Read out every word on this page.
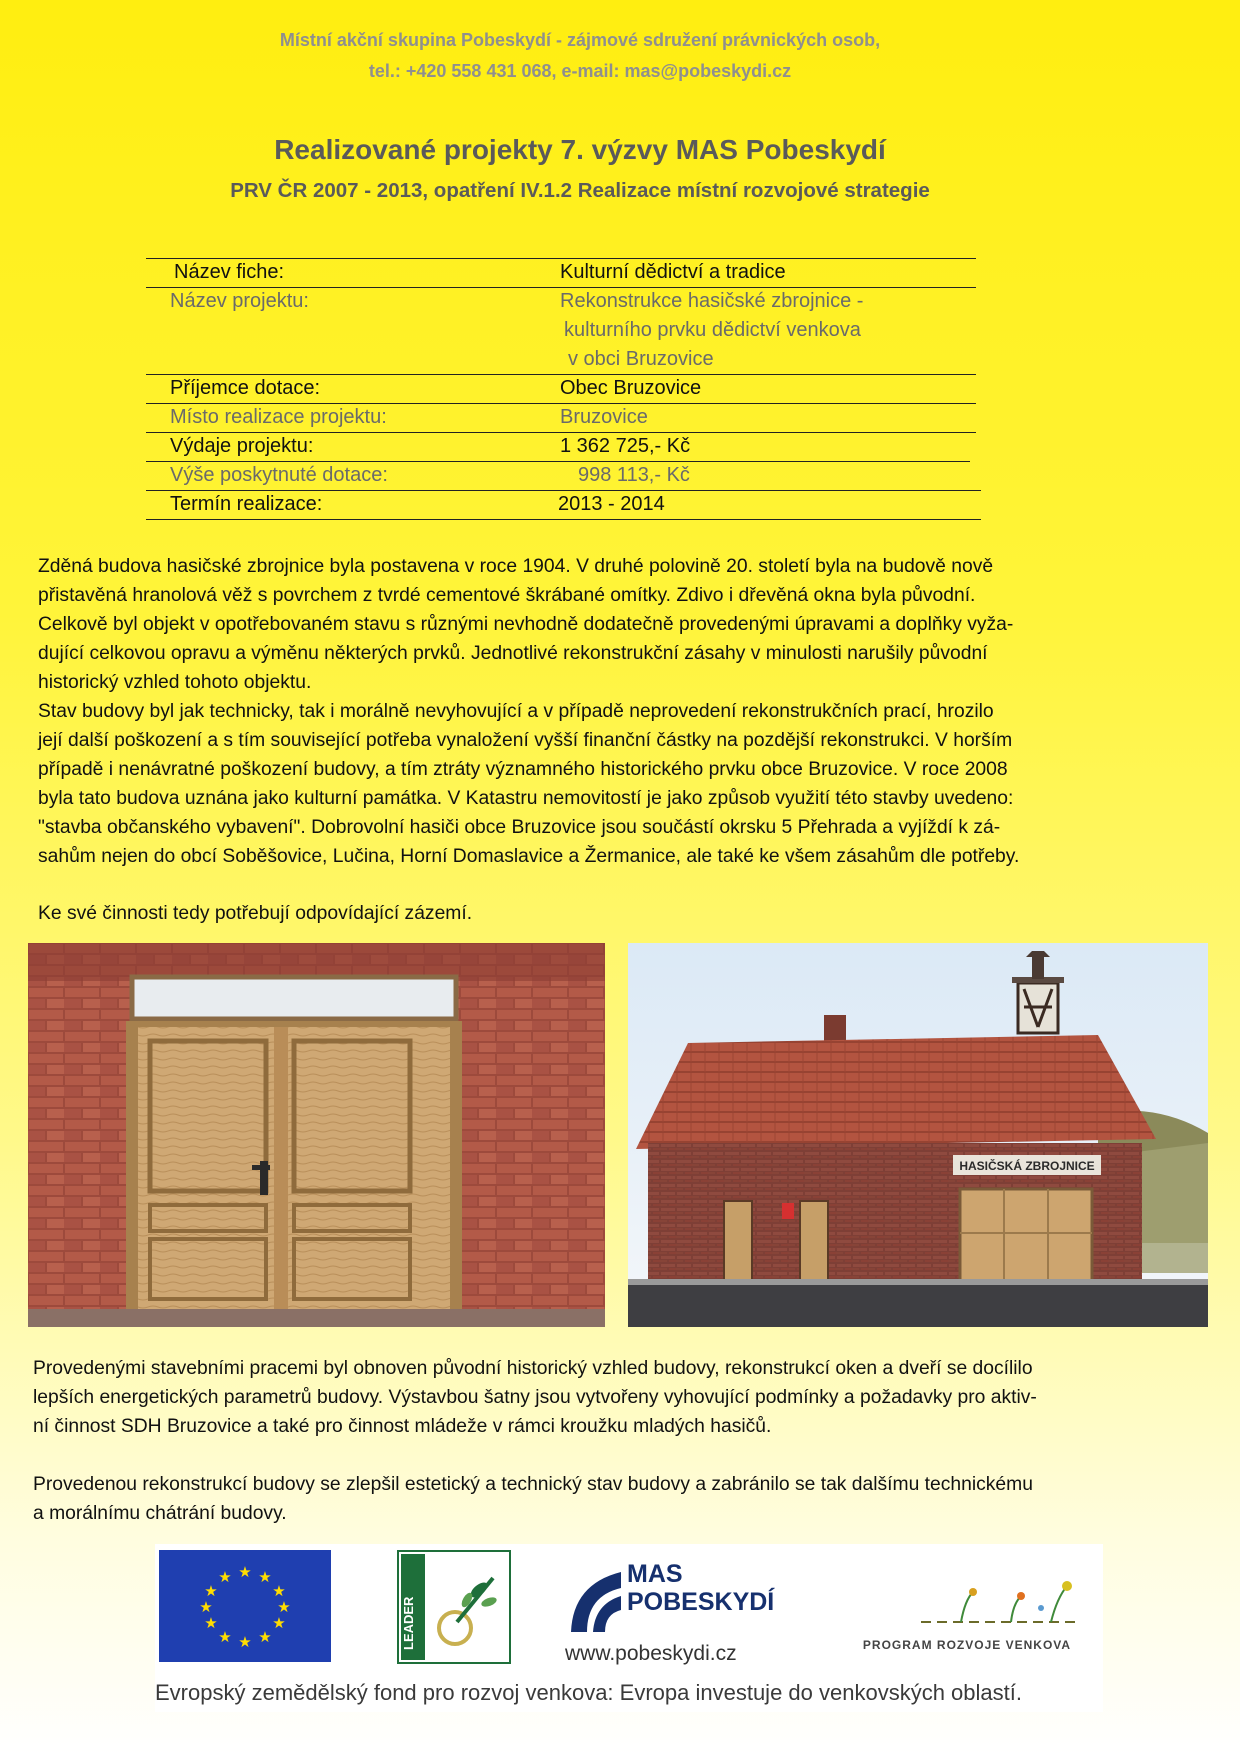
Místní akční skupina Pobeskydí - zájmové sdružení právnických osob,
tel.: +420 558 431 068, e-mail: mas@pobeskydi.cz
Realizované projekty 7. výzvy MAS Pobeskydí
PRV ČR 2007 - 2013, opatření IV.1.2 Realizace místní rozvojové strategie
Název fiche:	Kulturní dědictví a tradice
Název projektu:	Rekonstrukce hasičské zbrojnice -
kulturního prvku dědictví venkova
v obci Bruzovice
Příjemce dotace:	Obec Bruzovice
Místo realizace projektu:	Bruzovice
Výdaje projektu:	1 362 725,- Kč
Výše poskytnuté dotace:	998 113,- Kč
Termín realizace:	2013 - 2014

Zděná budova hasičské zbrojnice byla postavena v roce 1904. V druhé polovině 20. století byla na budově nově

přistavěná hranolová věž s povrchem z tvrdé cementové škrábané omítky. Zdivo i dřevěná okna byla původní.

Celkově byl objekt v opotřebovaném stavu s různými nevhodně dodatečně provedenými úpravami a doplňky vyža-

dující celkovou opravu a výměnu některých prvků. Jednotlivé rekonstrukční zásahy v minulosti narušily původní

historický vzhled tohoto objektu.

Stav budovy byl jak technicky, tak i morálně nevyhovující a v případě neprovedení rekonstrukčních prací, hrozilo

její další poškození a s tím související potřeba vynaložení vyšší finanční částky na pozdější rekonstrukci. V horším

případě i nenávratné poškození budovy, a tím ztráty významného historického prvku obce Bruzovice. V roce 2008

byla tato budova uznána jako kulturní památka. V Katastru nemovitostí je jako způsob využití této stavby uvedeno:

"stavba občanského vybavení". Dobrovolní hasiči obce Bruzovice jsou součástí okrsku 5 Přehrada a vyjíždí k zá-

sahům nejen do obcí Soběšovice, Lučina, Horní Domaslavice a Žermanice, ale také ke všem zásahům dle potřeby.

Ke své činnosti tedy potřebují odpovídající zázemí.

HASIČSKÁ ZBROJNICE

Provedenými stavebními pracemi byl obnoven původní historický vzhled budovy, rekonstrukcí oken a dveří se docílilo

lepších energetických parametrů budovy. Výstavbou šatny jsou vytvořeny vyhovující podmínky a požadavky pro aktiv-

ní činnost SDH Bruzovice a také pro činnost mládeže v rámci kroužku mladých hasičů.

Provedenou rekonstrukcí budovy se zlepšil estetický a technický stav budovy a zabránilo se tak dalšímu technickému

a morálnímu chátrání budovy.

★ ★
★
★
★
★
★
★
★
★
★
★
LEADER
MAS
POBESKYDÍ
www.pobeskydi.cz	PROGRAM ROZVOJE VENKOVA
Evropský zemědělský fond pro rozvoj venkova: Evropa investuje do venkovských oblastí.
